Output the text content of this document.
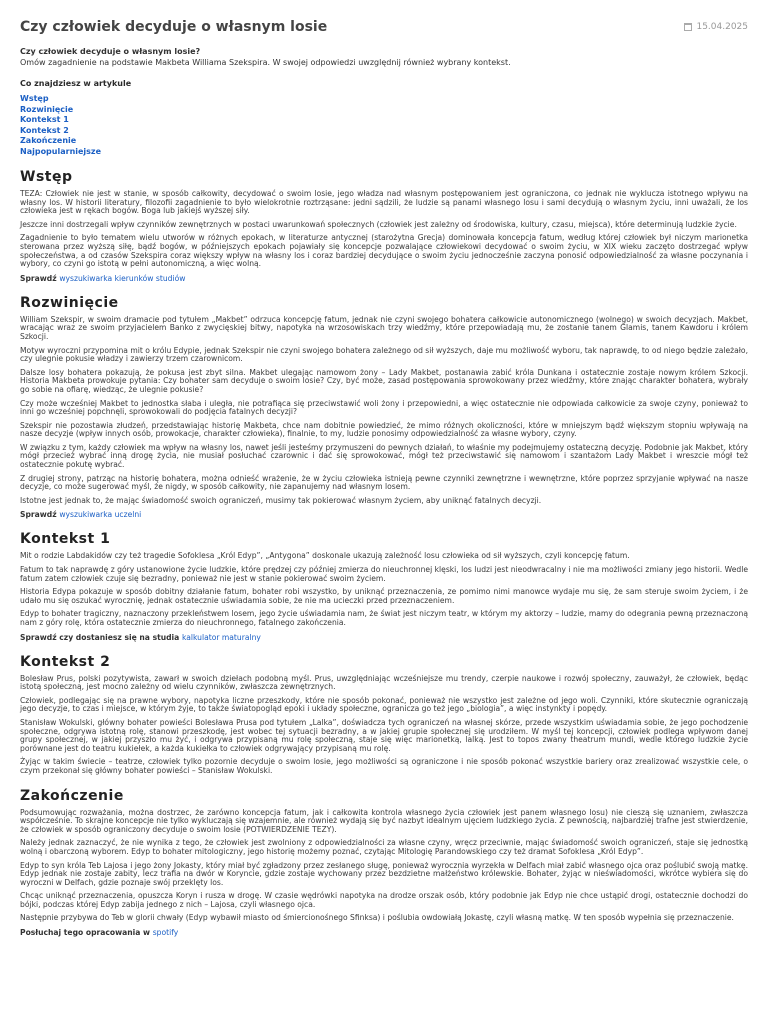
Czy człowiek decyduje o własnym losie	15.04.2025
Czy człowiek decyduje o własnym losie?
Omów zagadnienie na podstawie Makbeta Williama Szekspira. W swojej odpowiedzi uwzględnij również wybrany kontekst.
Co znajdziesz w artykule
Wstęp
Rozwinięcie
Kontekst 1
Kontekst 2
Zakończenie
Najpopularniejsze
Wstęp

TEZA: Człowiek nie jest w stanie, w sposób całkowity, decydować o swoim losie, jego władza nad własnym postępowaniem jest ograniczona, co jednak nie wyklucza istotnego wpływu na własny los. W historii literatury, filozofii zagadnienie to było wielokrotnie roztrząsane: jedni sądzili, że ludzie są panami własnego losu i sami decydują o własnym życiu, inni uważali, że los człowieka jest w rękach bogów. Boga lub jakiejś wyższej siły.

Jeszcze inni dostrzegali wpływ czynników zewnętrznych w postaci uwarunkowań społecznych (człowiek jest zależny od środowiska, kultury, czasu, miejsca), które determinują ludzkie życie.

Zagadnienie to było tematem wielu utworów w różnych epokach, w literaturze antycznej (starożytna Grecja) dominowała koncepcja fatum, według której człowiek był niczym marionetka sterowana przez wyższą siłę, bądź bogów, w późniejszych epokach pojawiały się koncepcje pozwalające człowiekowi decydować o swoim życiu, w XIX wieku zaczęto dostrzegać wpływ społeczeństwa, a od czasów Szekspira coraz większy wpływ na własny los i coraz bardziej decydujące o swoim życiu jednocześnie zaczyna ponosić odpowiedzialność za własne poczynania i wybory, co czyni go istotą w pełni autonomiczną, a więc wolną.

Sprawdź wyszukiwarka kierunków studiów
Rozwinięcie

William Szekspir, w swoim dramacie pod tytułem „Makbet” odrzuca koncepcję fatum, jednak nie czyni swojego bohatera całkowicie autonomicznego (wolnego) w swoich decyzjach. Makbet, wracając wraz ze swoim przyjacielem Banko z zwycięskiej bitwy, napotyka na wrzosowiskach trzy wiedźmy, które przepowiadają mu, że zostanie tanem Glamis, tanem Kawdoru i królem Szkocji.

Motyw wyroczni przypomina mit o królu Edypie, jednak Szekspir nie czyni swojego bohatera zależnego od sił wyższych, daje mu możliwość wyboru, tak naprawdę, to od niego będzie zależało, czy ulegnie pokusie władzy i zawierzy trzem czarownicom.

Dalsze losy bohatera pokazują, że pokusa jest zbyt silna. Makbet ulegając namowom żony – Lady Makbet, postanawia zabić króla Dunkana i ostatecznie zostaje nowym królem Szkocji. Historia Makbeta prowokuje pytania: Czy bohater sam decyduje o swoim losie? Czy, być może, zasad postępowania sprowokowany przez wiedźmy, które znając charakter bohatera, wybrały go sobie na ofiarę, wiedząc, że ulegnie pokusie?

Czy może wcześniej Makbet to jednostka słaba i uległa, nie potrafiąca się przeciwstawić woli żony i przepowiedni, a więc ostatecznie nie odpowiada całkowicie za swoje czyny, ponieważ to inni go wcześniej popchnęli, sprowokowali do podjęcia fatalnych decyzji?

Szekspir nie pozostawia złudzeń, przedstawiając historię Makbeta, chce nam dobitnie powiedzieć, że mimo różnych okoliczności, które w mniejszym bądź większym stopniu wpływają na nasze decyzje (wpływ innych osób, prowokacje, charakter człowieka), finalnie, to my, ludzie ponosimy odpowiedzialność za własne wybory, czyny.

W związku z tym, każdy człowiek ma wpływ na własny los, nawet jeśli jesteśmy przymuszeni do pewnych działań, to właśnie my podejmujemy ostateczną decyzję. Podobnie jak Makbet, który mógł przecież wybrać inną drogę życia, nie musiał posłuchać czarownic i dać się sprowokować, mógł też przeciwstawić się namowom i szantażom Lady Makbet i wreszcie mógł też ostatecznie pokutę wybrać.

Z drugiej strony, patrząc na historię bohatera, można odnieść wrażenie, że w życiu człowieka istnieją pewne czynniki zewnętrzne i wewnętrzne, które poprzez sprzyjanie wpływać na nasze decyzje, co może sugerować myśl, że nigdy, w sposób całkowity, nie zapanujemy nad własnym losem.

Istotne jest jednak to, że mając świadomość swoich ograniczeń, musimy tak pokierować własnym życiem, aby uniknąć fatalnych decyzji.

Sprawdź wyszukiwarka uczelni
Kontekst 1

Mit o rodzie Labdakidów czy też tragedie Sofoklesa „Król Edyp”, „Antygona” doskonale ukazują zależność losu człowieka od sił wyższych, czyli koncepcję fatum.

Fatum to tak naprawdę z góry ustanowione życie ludzkie, które prędzej czy później zmierza do nieuchronnej klęski, los ludzi jest nieodwracalny i nie ma możliwości zmiany jego historii. Wedle fatum zatem człowiek czuje się bezradny, ponieważ nie jest w stanie pokierować swoim życiem.

Historia Edypa pokazuje w sposób dobitny działanie fatum, bohater robi wszystko, by uniknąć przeznaczenia, ze pomimo nimi manowce wydaje mu się, że sam steruje swoim życiem, i że udało mu się oszukać wyrocznię, jednak ostatecznie uświadamia sobie, że nie ma ucieczki przed przeznaczeniem.

Edyp to bohater tragiczny, naznaczony przekleństwem losem, jego życie uświadamia nam, że świat jest niczym teatr, w którym my aktorzy – ludzie, mamy do odegrania pewną przeznaczoną nam z góry rolę, która ostatecznie zmierza do nieuchronnego, fatalnego zakończenia.

Sprawdź czy dostaniesz się na studia kalkulator maturalny
Kontekst 2

Bolesław Prus, polski pozytywista, zawarł w swoich dziełach podobną myśl. Prus, uwzględniając wcześniejsze mu trendy, czerpie naukowe i rozwój społeczny, zauważył, że człowiek, będąc istotą społeczną, jest mocno zależny od wielu czynników, zwłaszcza zewnętrznych.

Człowiek, podlegając się na prawne wybory, napotyka liczne przeszkody, które nie sposób pokonać, ponieważ nie wszystko jest zależne od jego woli. Czynniki, które skutecznie ograniczają jego decyzje, to czas i miejsce, w którym żyje, to także światopogląd epoki i układy społeczne, ogranicza go też jego „biologia”, a więc instynkty i popędy.

Stanisław Wokulski, główny bohater powieści Bolesława Prusa pod tytułem „Lalka”, doświadcza tych ograniczeń na własnej skórze, przede wszystkim uświadamia sobie, że jego pochodzenie społeczne, odgrywa istotną rolę, stanowi przeszkodę, jest wobec tej sytuacji bezradny, a w jakiej grupie społecznej się urodziłem. W myśl tej koncepcji, człowiek podlega wpływom danej grupy społecznej, w jakiej przyszło mu żyć, i odgrywa przypisaną mu rolę społeczną, staje się więc marionetką, lalką. Jest to topos zwany theatrum mundi, wedle którego ludzkie życie porównane jest do teatru kukiełek, a każda kukiełka to człowiek odgrywający przypisaną mu rolę.

Żyjąc w takim świecie – teatrze, człowiek tylko pozornie decyduje o swoim losie, jego możliwości są ograniczone i nie sposób pokonać wszystkie bariery oraz zrealizować wszystkie cele, o czym przekonał się główny bohater powieści – Stanisław Wokulski.

Zakończenie

Podsumowując rozważania, można dostrzec, że zarówno koncepcja fatum, jak i całkowita kontrola własnego życia człowiek jest panem własnego losu) nie cieszą się uznaniem, zwłaszcza współcześnie. To skrajne koncepcje nie tylko wykluczają się wzajemnie, ale również wydają się być nazbyt idealnym ujęciem ludzkiego życia. Z pewnością, najbardziej trafne jest stwierdzenie, że człowiek w sposób ograniczony decyduje o swoim losie (POTWIERDZENIE TEZY).

Należy jednak zaznaczyć, że nie wynika z tego, że człowiek jest zwolniony z odpowiedzialności za własne czyny, wręcz przeciwnie, mając świadomość swoich ograniczeń, staje się jednostką wolną i obarczoną wyborem. Edyp to bohater mitologiczny, jego historię możemy poznać, czytając Mitologię Parandowskiego czy też dramat Sofoklesa „Król Edyp”.

Edyp to syn króla Teb Lajosa i jego żony Jokasty, który miał być zgładzony przez zesłanego sługę, ponieważ wyrocznia wyrzekła w Delfach miał zabić własnego ojca oraz poślubić swoją matkę. Edyp jednak nie zostaje zabity, lecz trafia na dwór w Koryncie, gdzie zostaje wychowany przez bezdzietne małżeństwo królewskie. Bohater, żyjąc w nieświadomości, wkrótce wybiera się do wyroczni w Delfach, gdzie poznaje swój przeklęty los.

Chcąc uniknąć przeznaczenia, opuszcza Koryn i rusza w drogę. W czasie wędrówki napotyka na drodze orszak osób, który podobnie jak Edyp nie chce ustąpić drogi, ostatecznie dochodzi do bójki, podczas której Edyp zabija jednego z nich – Lajosa, czyli własnego ojca.

Następnie przybywa do Teb w glorii chwały (Edyp wybawił miasto od śmiercionośnego Sfinksa) i poślubia owdowiałą Jokastę, czyli własną matkę. W ten sposób wypełnia się przeznaczenie.

Posłuchaj tego opracowania w spotify
